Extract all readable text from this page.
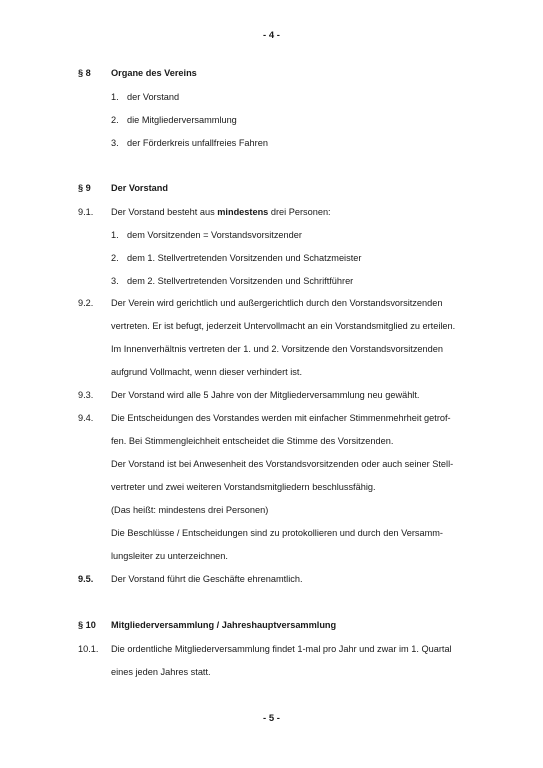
- 4 -
§ 8 Organe des Vereins
1. der Vorstand
2. die Mitgliederversammlung
3. der Förderkreis unfallfreies Fahren
§ 9 Der Vorstand
9.1. Der Vorstand besteht aus mindestens drei Personen:
1. dem Vorsitzenden = Vorstandsvorsitzender
2. dem 1. Stellvertretenden Vorsitzenden und Schatzmeister
3. dem 2. Stellvertretenden Vorsitzenden und Schriftführer
9.2. Der Verein wird gerichtlich und außergerichtlich durch den Vorstandsvorsitzenden
vertreten. Er ist befugt, jederzeit Untervollmacht an ein Vorstandsmitglied zu erteilen.
Im Innenverhältnis vertreten der 1. und 2. Vorsitzende den Vorstandsvorsitzenden
aufgrund Vollmacht, wenn dieser verhindert ist.
9.3. Der Vorstand wird alle 5 Jahre von der Mitgliederversammlung neu gewählt.
9.4. Die Entscheidungen des Vorstandes werden mit einfacher Stimmenmehrheit getrof-
fen. Bei Stimmengleichheit entscheidet die Stimme des Vorsitzenden.
Der Vorstand ist bei Anwesenheit des Vorstandsvorsitzenden oder auch seiner Stell-
vertreter und zwei weiteren Vorstandsmitgliedern beschlussfähig.
(Das heißt: mindestens drei Personen)
Die Beschlüsse / Entscheidungen sind zu protokollieren und durch den Versamm-
lungsleiter zu unterzeichnen.
9.5. Der Vorstand führt die Geschäfte ehrenamtlich.
§ 10 Mitgliederversammlung / Jahreshauptversammlung
10.1. Die ordentliche Mitgliederversammlung findet 1-mal pro Jahr und zwar im 1. Quartal
eines jeden Jahres statt.
- 5 -
